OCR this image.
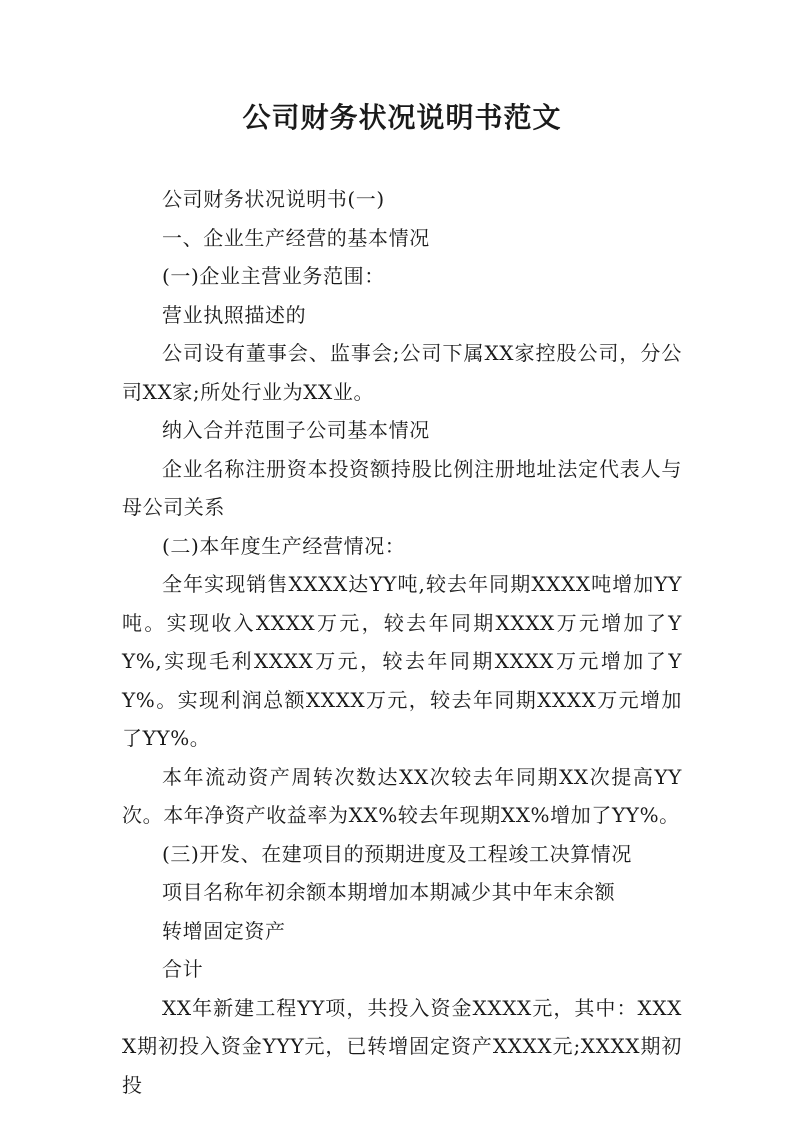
公司财务状况说明书范文

公司财务状况说明书(一)

一、企业生产经营的基本情况

(一)企业主营业务范围：

营业执照描述的

公司设有董事会、监事会;公司下属XX家控股公司，分公司XX家;所处行业为XX业。

纳入合并范围子公司基本情况

企业名称注册资本投资额持股比例注册地址法定代表人与母公司关系

(二)本年度生产经营情况：

全年实现销售XXXX达YY吨,较去年同期XXXX吨增加YY吨。实现收入XXXX万元，较去年同期XXXX万元增加了YY%,实现毛利XXXX万元，较去年同期XXXX万元增加了YY%。实现利润总额XXXX万元，较去年同期XXXX万元增加了YY%。

本年流动资产周转次数达XX次较去年同期XX次提高YY次。本年净资产收益率为XX%较去年现期XX%增加了YY%。

(三)开发、在建项目的预期进度及工程竣工决算情况

项目名称年初余额本期增加本期减少其中年末余额

转增固定资产

合计

XX年新建工程YY项，共投入资金XXXX元，其中：XXXX期初投入资金YYY元，已转增固定资产XXXX元;XXXX期初投
